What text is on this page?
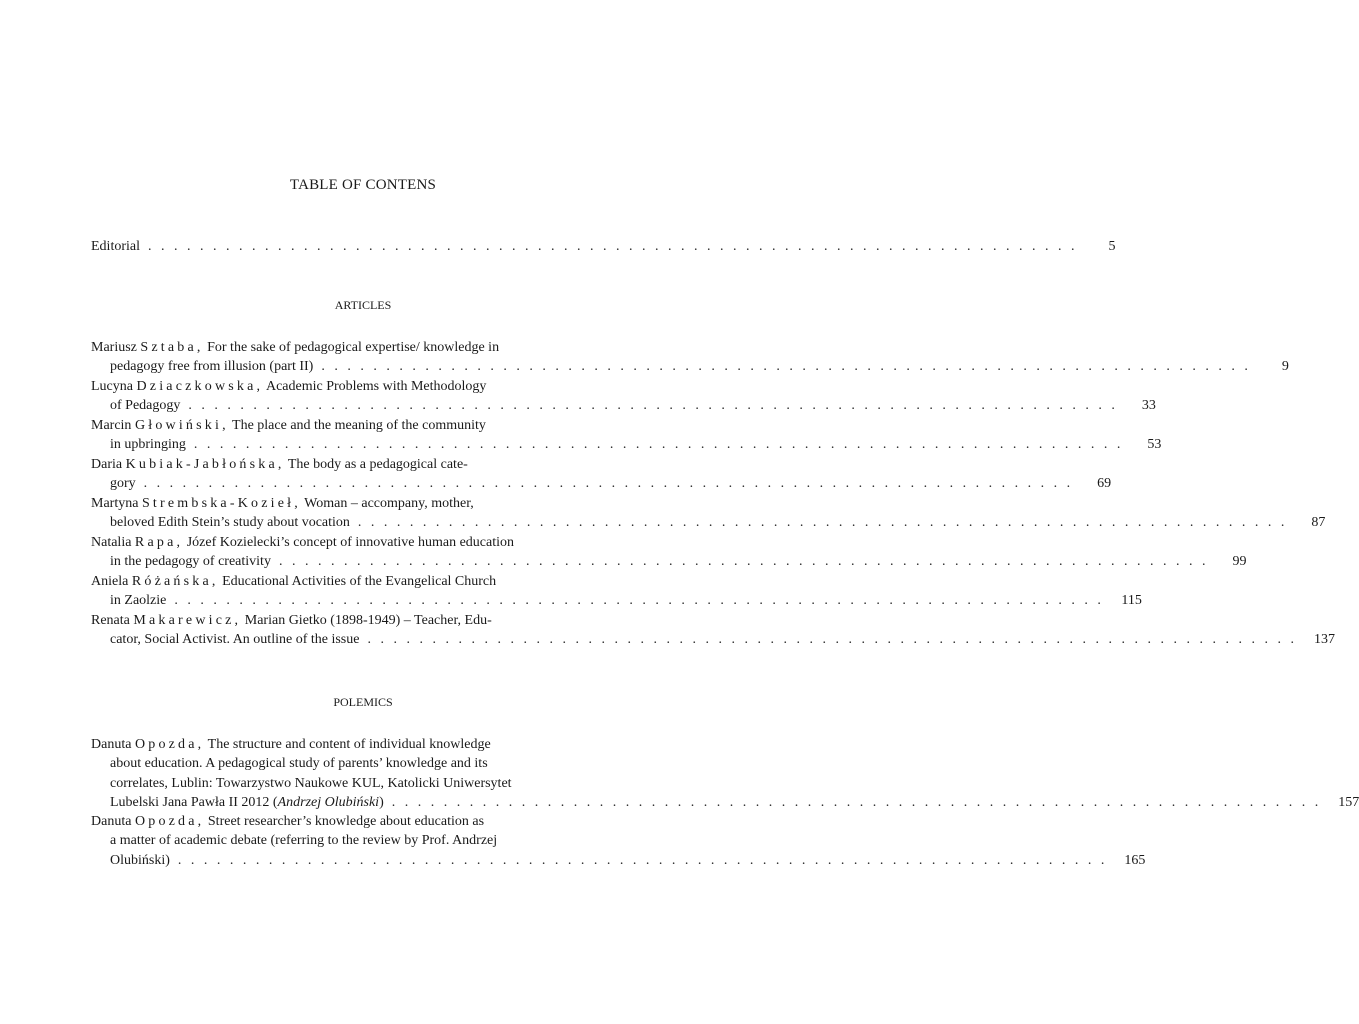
TABLE OF CONTENS
Editorial . . . . . . . . . . . . . . . . . . . . . . . . . . . . . . . . . . . . . . . . . . . . . . . . . . . . . . . . . . . . . . . . . . . . . . . .	5
ARTICLES
Mariusz Sztaba, For the sake of pedagogical expertise/ knowledge in
pedagogy free from illusion (part II) . . . . . . . . . . . . . . . . . . . . . . . . . . . . . . . . . . . . . . . . . . . . . . . . . . . . . . . . . . . . . . . . . . . . . . . .	9
Lucyna Dziaczkowska, Academic Problems with Methodology
of Pedagogy . . . . . . . . . . . . . . . . . . . . . . . . . . . . . . . . . . . . . . . . . . . . . . . . . . . . . . . . . . . . . . . . . . . . . . . .	33
Marcin Głowiński, The place and the meaning of the community
in upbringing . . . . . . . . . . . . . . . . . . . . . . . . . . . . . . . . . . . . . . . . . . . . . . . . . . . . . . . . . . . . . . . . . . . . . . . .	53
Daria Kubiak-Jabłońska, The body as a pedagogical cate-
gory . . . . . . . . . . . . . . . . . . . . . . . . . . . . . . . . . . . . . . . . . . . . . . . . . . . . . . . . . . . . . . . . . . . . . . . .	69
Martyna Strembska-Kozieł, Woman – accompany, mother,
beloved Edith Stein’s study about vocation . . . . . . . . . . . . . . . . . . . . . . . . . . . . . . . . . . . . . . . . . . . . . . . . . . . . . . . . . . . . . . . . . . . . . . . .	87
Natalia Rapa, Józef Kozielecki’s concept of innovative human education
in the pedagogy of creativity . . . . . . . . . . . . . . . . . . . . . . . . . . . . . . . . . . . . . . . . . . . . . . . . . . . . . . . . . . . . . . . . . . . . . . . .	99
Aniela Różańska, Educational Activities of the Evangelical Church
in Zaolzie . . . . . . . . . . . . . . . . . . . . . . . . . . . . . . . . . . . . . . . . . . . . . . . . . . . . . . . . . . . . . . . . . . . . . . . . 115
Renata Makarewicz, Marian Gietko (1898-1949) – Teacher, Edu-
cator, Social Activist. An outline of the issue . . . . . . . . . . . . . . . . . . . . . . . . . . . . . . . . . . . . . . . . . . . . . . . . . . . . . . . . . . . . . . . . . . . . . . . . 137
POLEMICS
Danuta Opozda, The structure and content of individual knowledge
about education. A pedagogical study of parents’ knowledge and its
correlates, Lublin: Towarzystwo Naukowe KUL, Katolicki Uniwersytet
Lubelski Jana Pawła II 2012 (Andrzej Olubiński) . . . . . . . . . . . . . . . . . . . . . . . . . . . . . . . . . . . . . . . . . . . . . . . . . . . . . . . . . . . . . . . . . . . . . . . . 157
Danuta Opozda, Street researcher’s knowledge about education as
a matter of academic debate (referring to the review by Prof. Andrzej
Olubiński) . . . . . . . . . . . . . . . . . . . . . . . . . . . . . . . . . . . . . . . . . . . . . . . . . . . . . . . . . . . . . . . . . . . . . . . . 165
